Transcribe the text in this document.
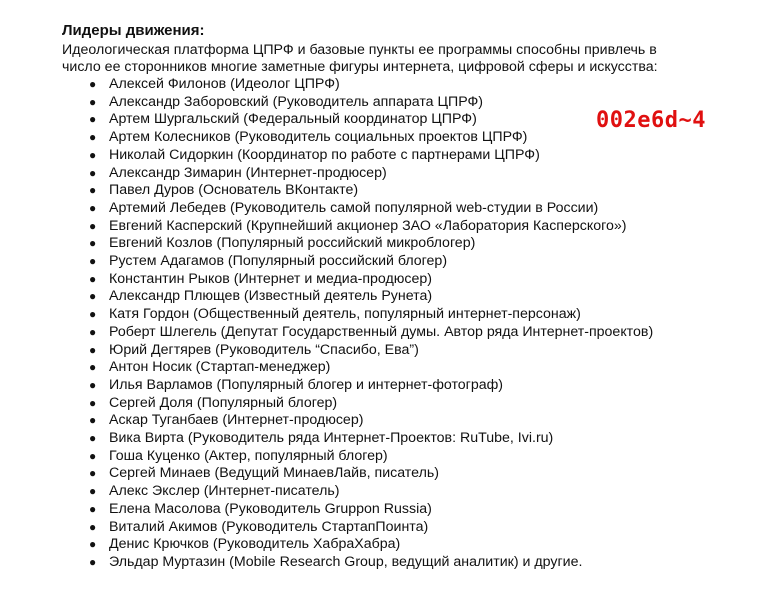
Лидеры движения:

Идеологическая платформа ЦПРФ и базовые пункты ее программы способны привлечь в
число ее сторонников многие заметные фигуры интернета, цифровой сферы и искусства:

● Алексей Филонов (Идеолог ЦПРФ)
● Александр Заборовский (Руководитель аппарата ЦПРФ)
● Артем Шургальский (Федеральный координатор ЦПРФ)
● Артем Колесников (Руководитель социальных проектов ЦПРФ)
● Николай Сидоркин (Координатор по работе с партнерами ЦПРФ)
● Александр Зимарин (Интернет-продюсер)
● Павел Дуров (Основатель ВКонтакте)
● Артемий Лебедев (Руководитель самой популярной web-студии в России)
● Евгений Касперский (Крупнейший акционер ЗАО «Лаборатория Касперского»)
● Евгений Козлов (Популярный российский микроблогер)
● Рустем Адагамов (Популярный российский блогер)
● Константин Рыков (Интернет и медиа-продюсер)
● Александр Плющев (Известный деятель Рунета)
● Катя Гордон (Общественный деятель, популярный интернет-персонаж)
● Роберт Шлегель (Депутат Государственный думы. Автор ряда Интернет-проектов)
● Юрий Дегтярев (Руководитель “Спасибо, Ева”)
● Антон Носик (Стартап-менеджер)
● Илья Варламов (Популярный блогер и интернет-фотограф)
● Сергей Доля (Популярный блогер)
● Аскар Туганбаев (Интернет-продюсер)
● Вика Вирта (Руководитель ряда Интернет-Проектов: RuTube, Ivi.ru)
● Гоша Куценко (Актер, популярный блогер)
● Сергей Минаев (Ведущий МинаевЛайв, писатель)
● Алекс Экслер (Интернет-писатель)
● Елена Масолова (Руководитель Gruppon Russia)
● Виталий Акимов (Руководитель СтартапПоинта)
● Денис Крючков (Руководитель ХабраХабра)
● Эльдар Муртазин (Mobile Research Group, ведущий аналитик) и другие.
002e6d~4
